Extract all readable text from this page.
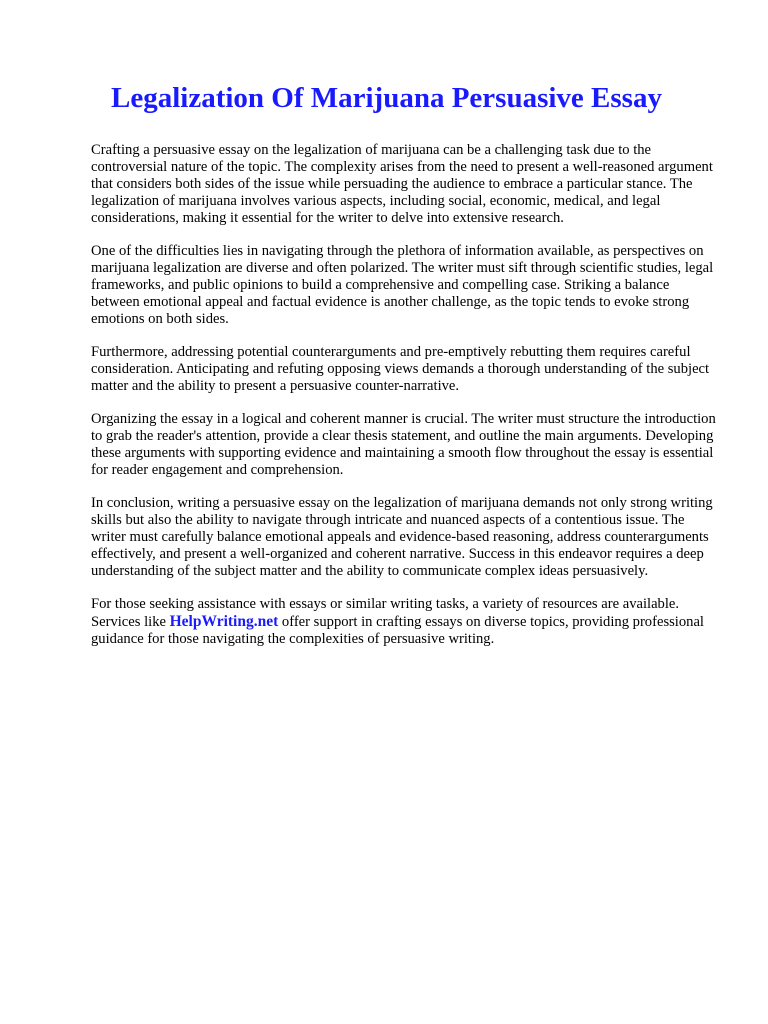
Legalization Of Marijuana Persuasive Essay

Crafting a persuasive essay on the legalization of marijuana can be a challenging task due to the controversial nature of the topic. The complexity arises from the need to present a well-reasoned argument that considers both sides of the issue while persuading the audience to embrace a particular stance. The legalization of marijuana involves various aspects, including social, economic, medical, and legal considerations, making it essential for the writer to delve into extensive research.

One of the difficulties lies in navigating through the plethora of information available, as perspectives on marijuana legalization are diverse and often polarized. The writer must sift through scientific studies, legal frameworks, and public opinions to build a comprehensive and compelling case. Striking a balance between emotional appeal and factual evidence is another challenge, as the topic tends to evoke strong emotions on both sides.

Furthermore, addressing potential counterarguments and pre-emptively rebutting them requires careful consideration. Anticipating and refuting opposing views demands a thorough understanding of the subject matter and the ability to present a persuasive counter-narrative.

Organizing the essay in a logical and coherent manner is crucial. The writer must structure the introduction to grab the reader's attention, provide a clear thesis statement, and outline the main arguments. Developing these arguments with supporting evidence and maintaining a smooth flow throughout the essay is essential for reader engagement and comprehension.

In conclusion, writing a persuasive essay on the legalization of marijuana demands not only strong writing skills but also the ability to navigate through intricate and nuanced aspects of a contentious issue. The writer must carefully balance emotional appeals and evidence-based reasoning, address counterarguments effectively, and present a well-organized and coherent narrative. Success in this endeavor requires a deep understanding of the subject matter and the ability to communicate complex ideas persuasively.

For those seeking assistance with essays or similar writing tasks, a variety of resources are available. Services like HelpWriting.net offer support in crafting essays on diverse topics, providing professional guidance for those navigating the complexities of persuasive writing.
